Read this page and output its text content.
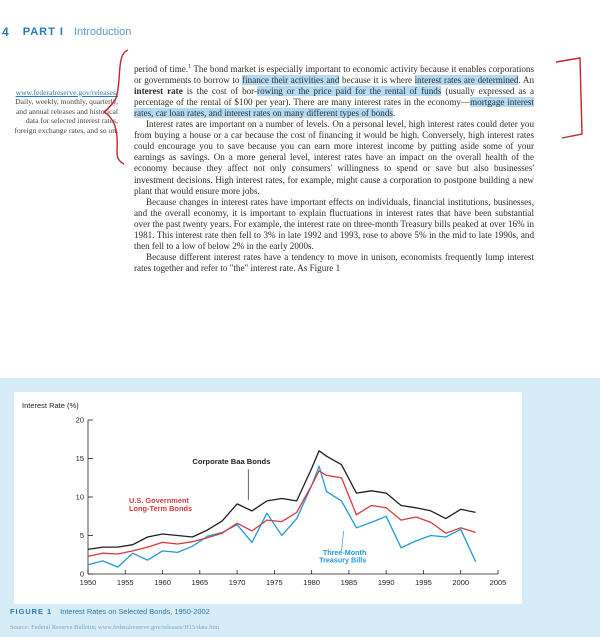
4 PART I Introduction
www.federalreserve.gov/releases/
Daily, weekly, monthly, quarterly, and annual releases and historical data for selected interest rates, foreign exchange rates, and so on.

period of time.$^1$ The bond market is especially important to economic activity because it enables corporations or governments to borrow to finance their activities and because it is where interest rates are determined. An interest rate is the cost of bor-rowing or the price paid for the rental of funds (usually expressed as a percentage of the rental of $100 per year). There are many interest rates in the economy—mortgage interest rates, car loan rates, and interest rates on many different types of bonds.

Interest rates are important on a number of levels. On a personal level, high interest rates could deter you from buying a house or a car because the cost of financing it would be high. Conversely, high interest rates could encourage you to save because you can earn more interest income by putting aside some of your earnings as savings. On a more general level, interest rates have an impact on the overall health of the economy because they affect not only consumers' willingness to spend or save but also businesses' investment decisions. High interest rates, for example, might cause a corporation to postpone building a new plant that would ensure more jobs.

Because changes in interest rates have important effects on individuals, financial institutions, businesses, and the overall economy, it is important to explain fluctuations in interest rates that have been substantial over the past twenty years. For example, the interest rate on three-month Treasury bills peaked at over 16% in 1981. This interest rate then fell to 3% in late 1992 and 1993, rose to above 5% in the mid to late 1990s, and then fell to a low of below 2% in the early 2000s.

Because different interest rates have a tendency to move in unison, economists frequently lump interest rates together and refer to "the" interest rate. As Figure 1

Interest Rate (%)
0
5
10
15
20
1950	1955	1960	1965	1970	1975	1980	1985	1990	1995	2000	2005
Corporate Baa Bonds
U.S. Government
Long-Term Bonds
Three-Month
Treasury Bills
FIGURE 1 Interest Rates on Selected Bonds, 1950-2002
Source: Federal Reserve Bulletin; www.federalreserve.gov/releases/H15/data.htm
